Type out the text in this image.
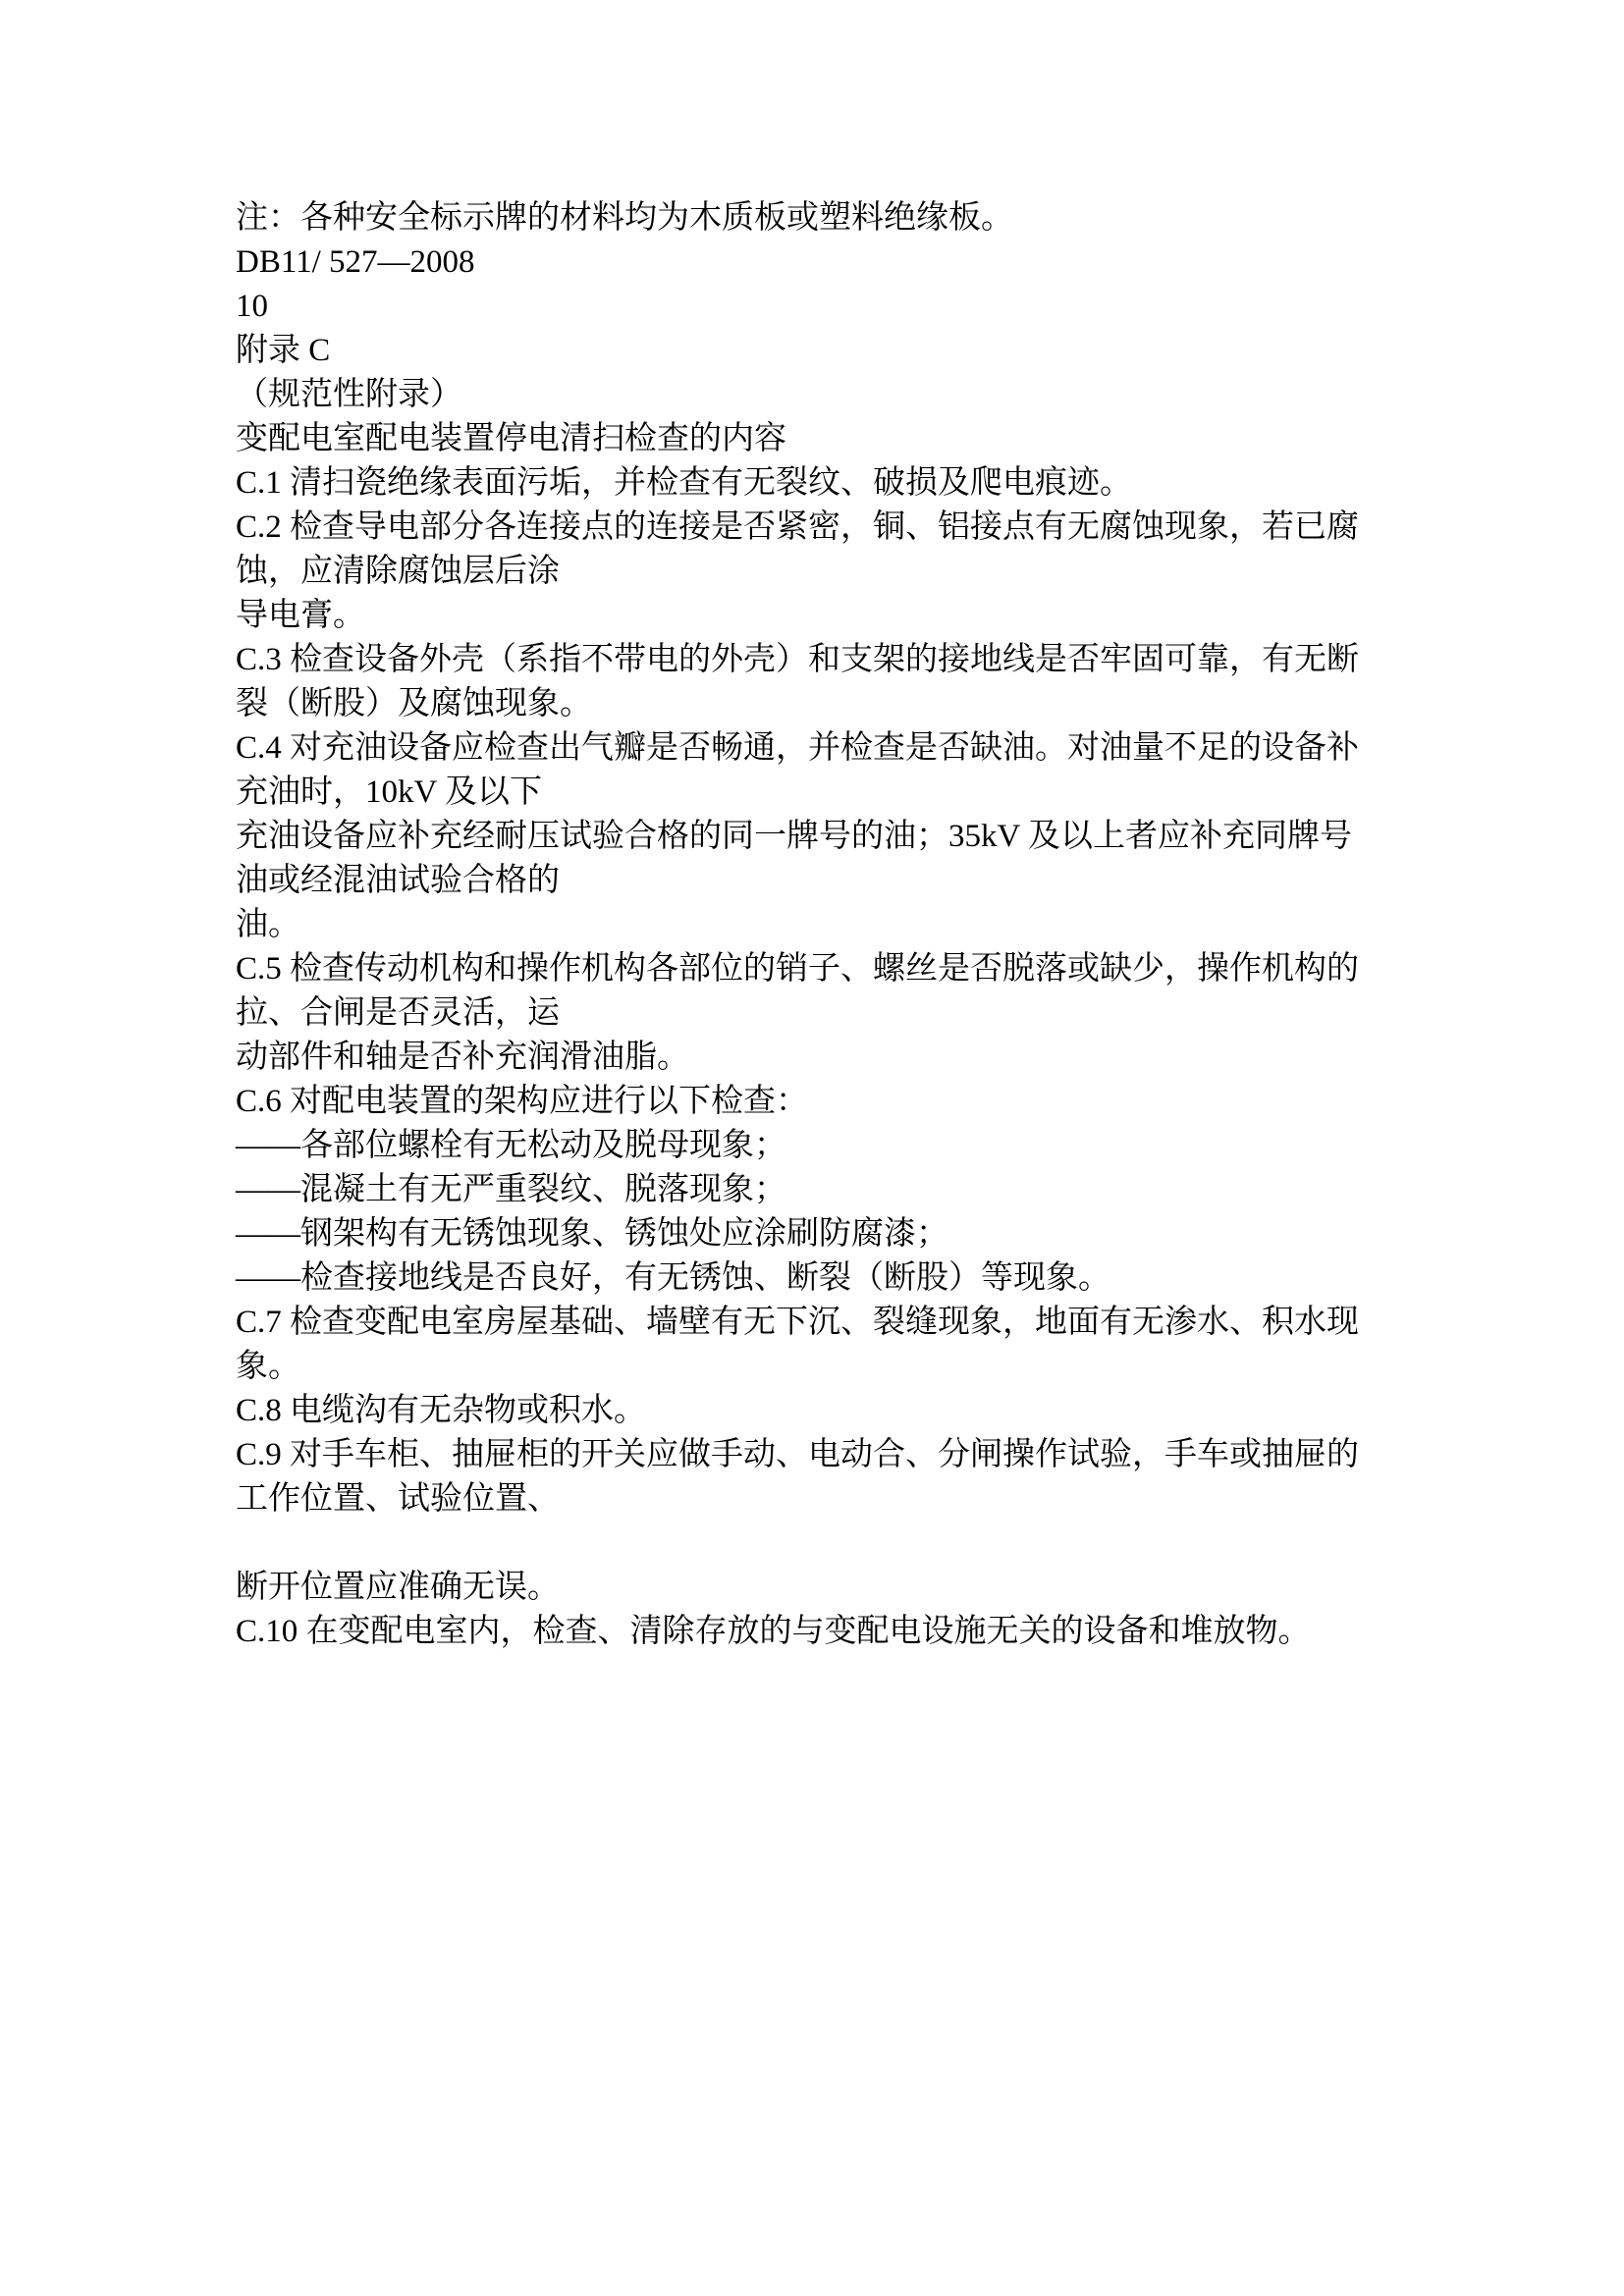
注：各种安全标示牌的材料均为木质板或塑料绝缘板。

DB11/ 527—2008

10

附录 C

（规范性附录）

变配电室配电装置停电清扫检查的内容

C.1 清扫瓷绝缘表面污垢，并检查有无裂纹、破损及爬电痕迹。

C.2 检查导电部分各连接点的连接是否紧密，铜、铝接点有无腐蚀现象，若已腐

蚀，应清除腐蚀层后涂

导电膏。

C.3 检查设备外壳（系指不带电的外壳）和支架的接地线是否牢固可靠，有无断

裂（断股）及腐蚀现象。

C.4 对充油设备应检查出气瓣是否畅通，并检查是否缺油。对油量不足的设备补

充油时，10kV 及以下

充油设备应补充经耐压试验合格的同一牌号的油；35kV 及以上者应补充同牌号

油或经混油试验合格的

油。

C.5 检查传动机构和操作机构各部位的销子、螺丝是否脱落或缺少，操作机构的

拉、合闸是否灵活，运

动部件和轴是否补充润滑油脂。

C.6 对配电装置的架构应进行以下检查：

——各部位螺栓有无松动及脱母现象；

——混凝土有无严重裂纹、脱落现象；

——钢架构有无锈蚀现象、锈蚀处应涂刷防腐漆；

——检查接地线是否良好，有无锈蚀、断裂（断股）等现象。

C.7 检查变配电室房屋基础、墙壁有无下沉、裂缝现象，地面有无渗水、积水现

象。

C.8 电缆沟有无杂物或积水。

C.9 对手车柜、抽屉柜的开关应做手动、电动合、分闸操作试验，手车或抽屉的

工作位置、试验位置、

断开位置应准确无误。

C.10 在变配电室内，检查、清除存放的与变配电设施无关的设备和堆放物。
